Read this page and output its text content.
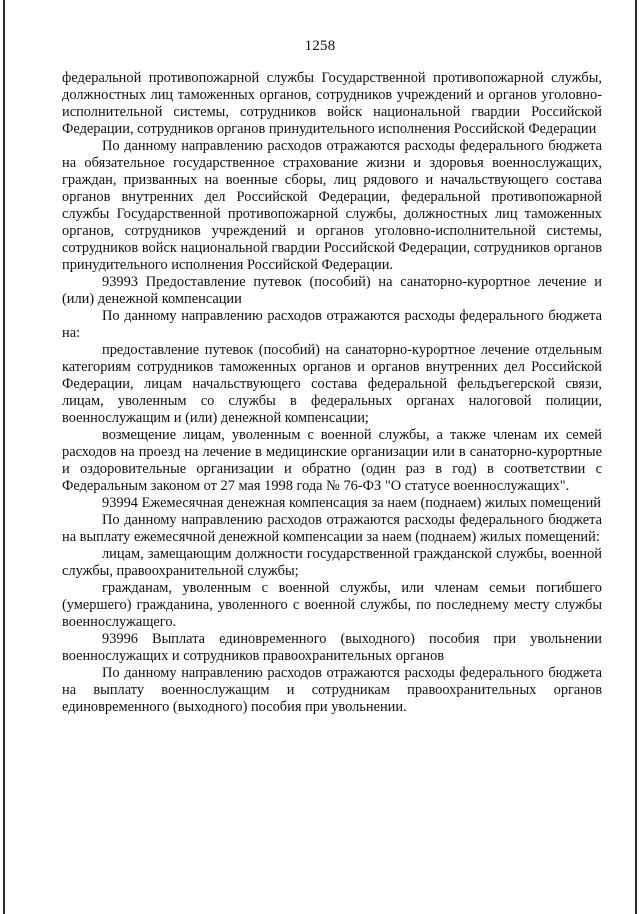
1258

федеральной противопожарной службы Государственной противопожарной службы, должностных лиц таможенных органов, сотрудников учреждений и органов уголовно-исполнительной системы, сотрудников войск национальной гвардии Российской Федерации, сотрудников органов принудительного исполнения Российской Федерации

По данному направлению расходов отражаются расходы федерального бюджета на обязательное государственное страхование жизни и здоровья военнослужащих, граждан, призванных на военные сборы, лиц рядового и начальствующего состава органов внутренних дел Российской Федерации, федеральной противопожарной службы Государственной противопожарной службы, должностных лиц таможенных органов, сотрудников учреждений и органов уголовно-исполнительной системы, сотрудников войск национальной гвардии Российской Федерации, сотрудников органов принудительного исполнения Российской Федерации.

93993 Предоставление путевок (пособий) на санаторно-курортное лечение и (или) денежной компенсации

По данному направлению расходов отражаются расходы федерального бюджета на:

предоставление путевок (пособий) на санаторно-курортное лечение отдельным категориям сотрудников таможенных органов и органов внутренних дел Российской Федерации, лицам начальствующего состава федеральной фельдъегерской связи, лицам, уволенным со службы в федеральных органах налоговой полиции, военнослужащим и (или) денежной компенсации;

возмещение лицам, уволенным с военной службы, а также членам их семей расходов на проезд на лечение в медицинские организации или в санаторно-курортные и оздоровительные организации и обратно (один раз в год) в соответствии с Федеральным законом от 27 мая 1998 года № 76-ФЗ "О статусе военнослужащих".

93994 Ежемесячная денежная компенсация за наем (поднаем) жилых помещений

По данному направлению расходов отражаются расходы федерального бюджета на выплату ежемесячной денежной компенсации за наем (поднаем) жилых помещений:

лицам, замещающим должности государственной гражданской службы, военной службы, правоохранительной службы;

гражданам, уволенным с военной службы, или членам семьи погибшего (умершего) гражданина, уволенного с военной службы, по последнему месту службы военнослужащего.

93996 Выплата единовременного (выходного) пособия при увольнении военнослужащих и сотрудников правоохранительных органов

По данному направлению расходов отражаются расходы федерального бюджета на выплату военнослужащим и сотрудникам правоохранительных органов единовременного (выходного) пособия при увольнении.
